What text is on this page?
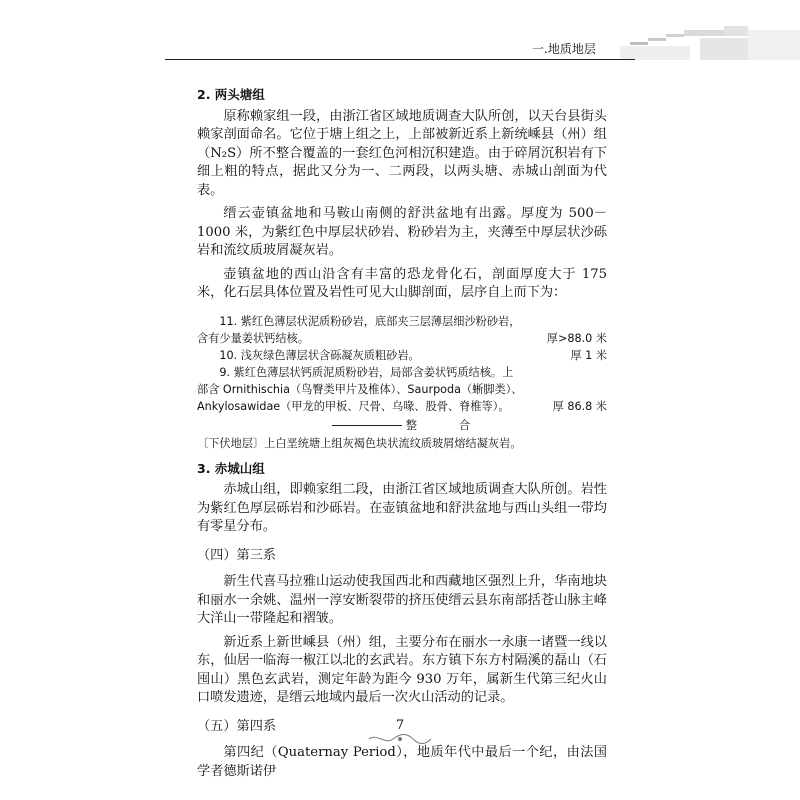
一.地质地层
2. 两头塘组

原称赖家组一段，由浙江省区域地质调查大队所创，以天台县街头赖家剖面命名。它位于塘上组之上，上部被新近系上新统嵊县（州）组（N₂S）所不整合覆盖的一套红色河相沉积建造。由于碎屑沉积岩有下细上粗的特点，据此又分为一、二两段，以两头塘、赤城山剖面为代表。

缙云壶镇盆地和马鞍山南侧的舒洪盆地有出露。厚度为 500－1000 米，为紫红色中厚层状砂岩、粉砂岩为主，夹薄至中厚层状沙砾岩和流纹质玻屑凝灰岩。

壶镇盆地的西山沿含有丰富的恐龙骨化石，剖面厚度大于 175 米，化石层具体位置及岩性可见大山脚剖面，层序自上而下为：

11. 紫红色薄层状泥质粉砂岩，底部夹三层薄层细沙粉砂岩，
含有少量姜状钙结核。	厚>88.0 米
10. 浅灰绿色薄层状含砾凝灰质粗砂岩。	厚 1 米
9. 紫红色薄层状钙质泥质粉砂岩，局部含姜状钙质结核。上
部含 Ornithischia（鸟臀类甲片及椎体）、Saurpoda（蜥脚类）、
Ankylosawidae（甲龙的甲板、尺骨、乌喙、股骨、脊椎等）。	厚 86.8 米
整	合
〔下伏地层〕上白垩统塘上组灰褐色块状流纹质玻屑熔结凝灰岩。
3. 赤城山组

赤城山组，即赖家组二段，由浙江省区域地质调查大队所创。岩性为紫红色厚层砾岩和沙砾岩。在壶镇盆地和舒洪盆地与西山头组一带均有零星分布。

（四）第三系

新生代喜马拉雅山运动使我国西北和西藏地区强烈上升，华南地块和丽水一余姚、温州一淳安断裂带的挤压使缙云县东南部括苍山脉主峰大洋山一带隆起和褶皱。

新近系上新世嵊县（州）组，主要分布在丽水一永康一诸暨一线以东，仙居一临海一椒江以北的玄武岩。东方镇下东方村隔溪的磊山（石囤山）黑色玄武岩，测定年龄为距今 930 万年，属新生代第三纪火山口喷发遗迹，是缙云地域内最后一次火山活动的记录。

（五）第四系

第四纪（Quaternay Period），地质年代中最后一个纪，由法国学者德斯诺伊

7
